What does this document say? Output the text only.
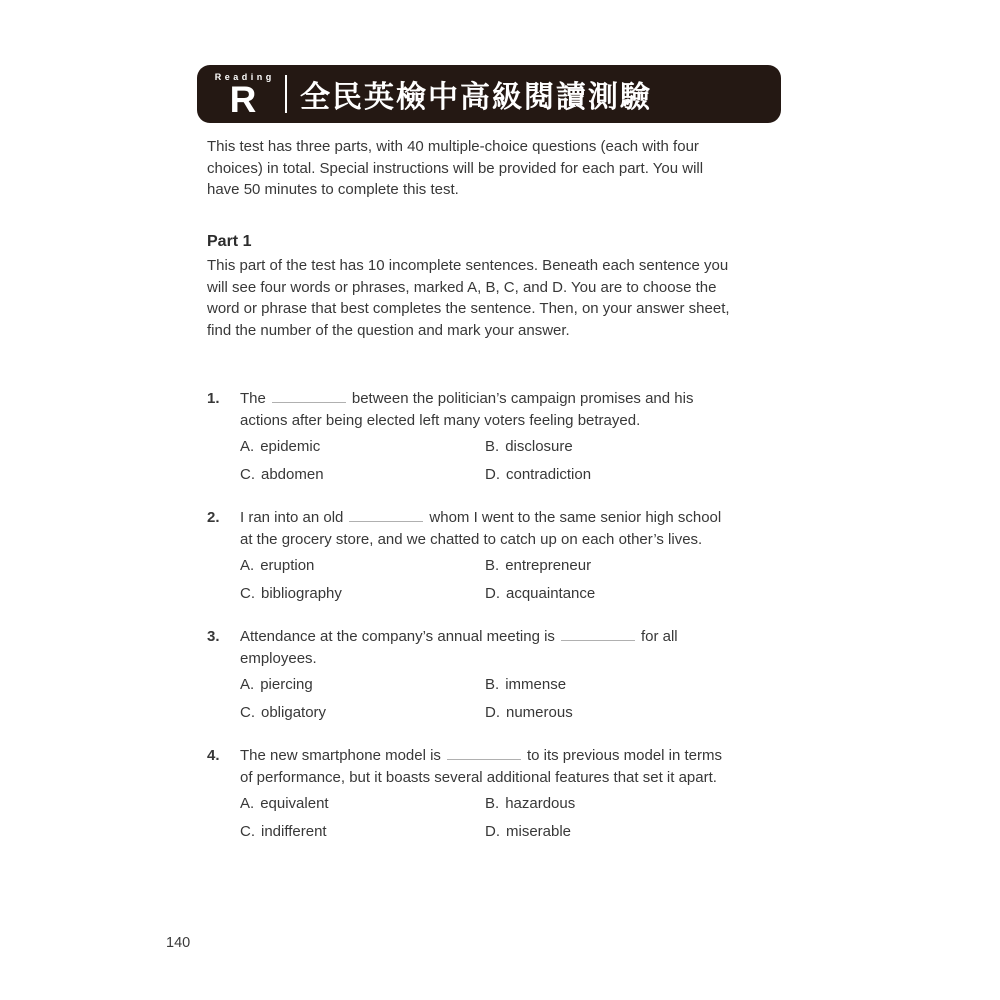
Reading
R 全民英檢中高級閱讀測驗
This test has three parts, with 40 multiple-choice questions (each with four
choices) in total. Special instructions will be provided for each part. You will
have 50 minutes to complete this test.
Part 1
This part of the test has 10 incomplete sentences. Beneath each sentence you
will see four words or phrases, marked A, B, C, and D. You are to choose the
word or phrase that best completes the sentence. Then, on your answer sheet,
find the number of the question and mark your answer.
1.	The	between the politician’s campaign promises and his
actions after being elected left many voters feeling betrayed.
A. epidemic	B. disclosure
C. abdomen	D. contradiction
2.	I ran into an old	whom I went to the same senior high school
at the grocery store, and we chatted to catch up on each other’s lives.
A. eruption	B. entrepreneur
C. bibliography	D. acquaintance
3.	Attendance at the company’s annual meeting is	for all
employees.
A. piercing	B. immense
C. obligatory	D. numerous
4.	The new smartphone model is	to its previous model in terms
of performance, but it boasts several additional features that set it apart.
A. equivalent	B. hazardous
C. indifferent	D. miserable
140
